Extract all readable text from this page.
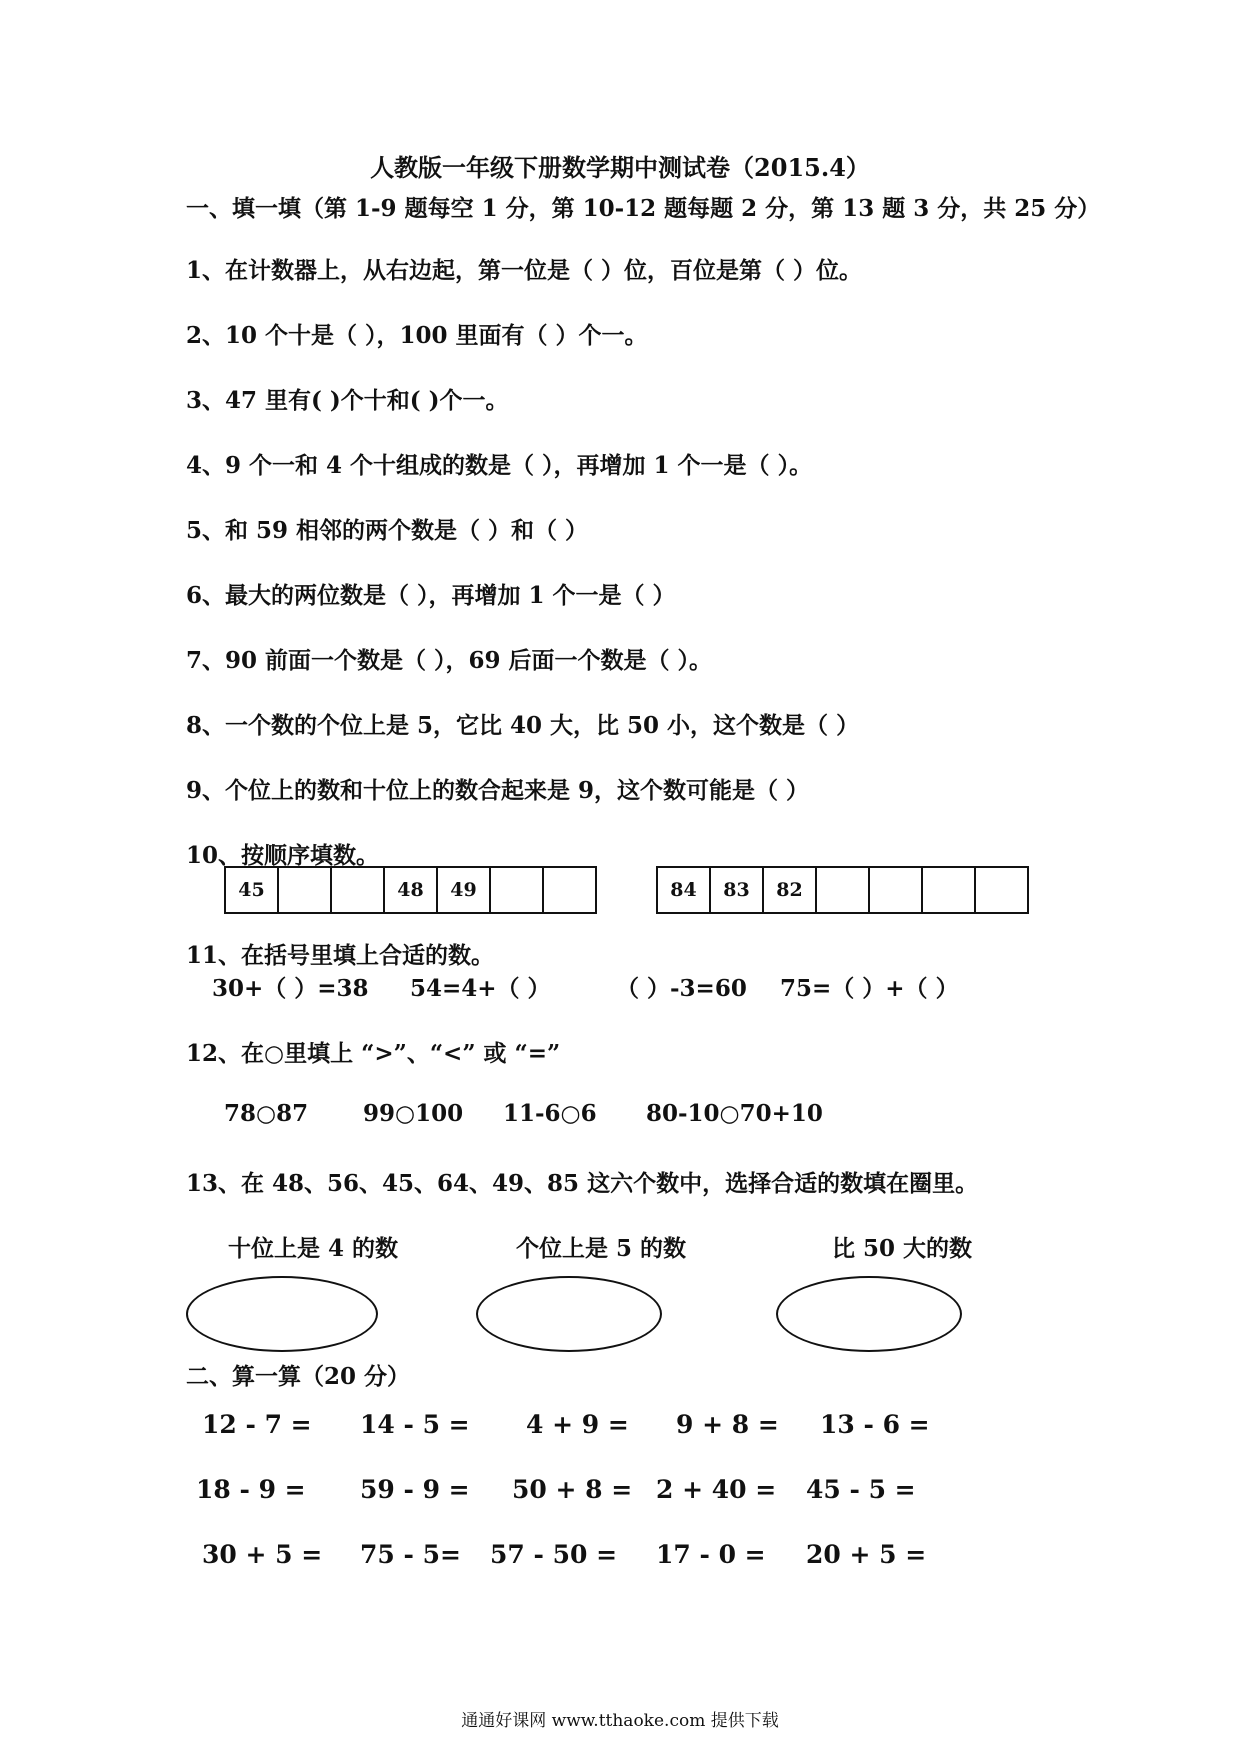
人教版一年级下册数学期中测试卷（2015.4）
一、填一填（第 1-9 题每空 1 分，第 10-12 题每题 2 分，第 13 题 3 分，共 25 分）
1、在计数器上，从右边起，第一位是（ ）位，百位是第（ ）位。
2、10 个十是（ ），100 里面有（ ）个一。
3、47 里有( )个十和( )个一。
4、9 个一和 4 个十组成的数是（ ），再增加 1 个一是（ ）。
5、和 59 相邻的两个数是（ ）和（ ）
6、最大的两位数是（ ），再增加 1 个一是（ ）
7、90 前面一个数是（ ），69 后面一个数是（ ）。
8、一个数的个位上是 5，它比 40 大，比 50 小，这个数是（ ）
9、个位上的数和十位上的数合起来是 9，这个数可能是（ ）
10、按顺序填数。
45			48	49			84	83	82				
11、在括号里填上合适的数。
30+（ ）=38 54=4+（ ）	（ ）-3=60 75=（ ）+（ ）
12、在○里填上 “>”、“<” 或 “=”
78○87 99○100 11-6○6 80-10○70+10
13、在 48、56、45、64、49、85 这六个数中，选择合适的数填在圈里。
十位上是 4 的数	个位上是 5 的数	比 50 大的数
二、算一算（20 分）
12 - 7 = 14 - 5 = 4 + 9 = 9 + 8 = 13 - 6 =
18 - 9 = 59 - 9 = 50 + 8 = 2 + 40 = 45 - 5 =
30 + 5 = 75 - 5= 57 - 50 = 17 - 0 = 20 + 5 =
通通好课网 www.tthaoke.com 提供下载
